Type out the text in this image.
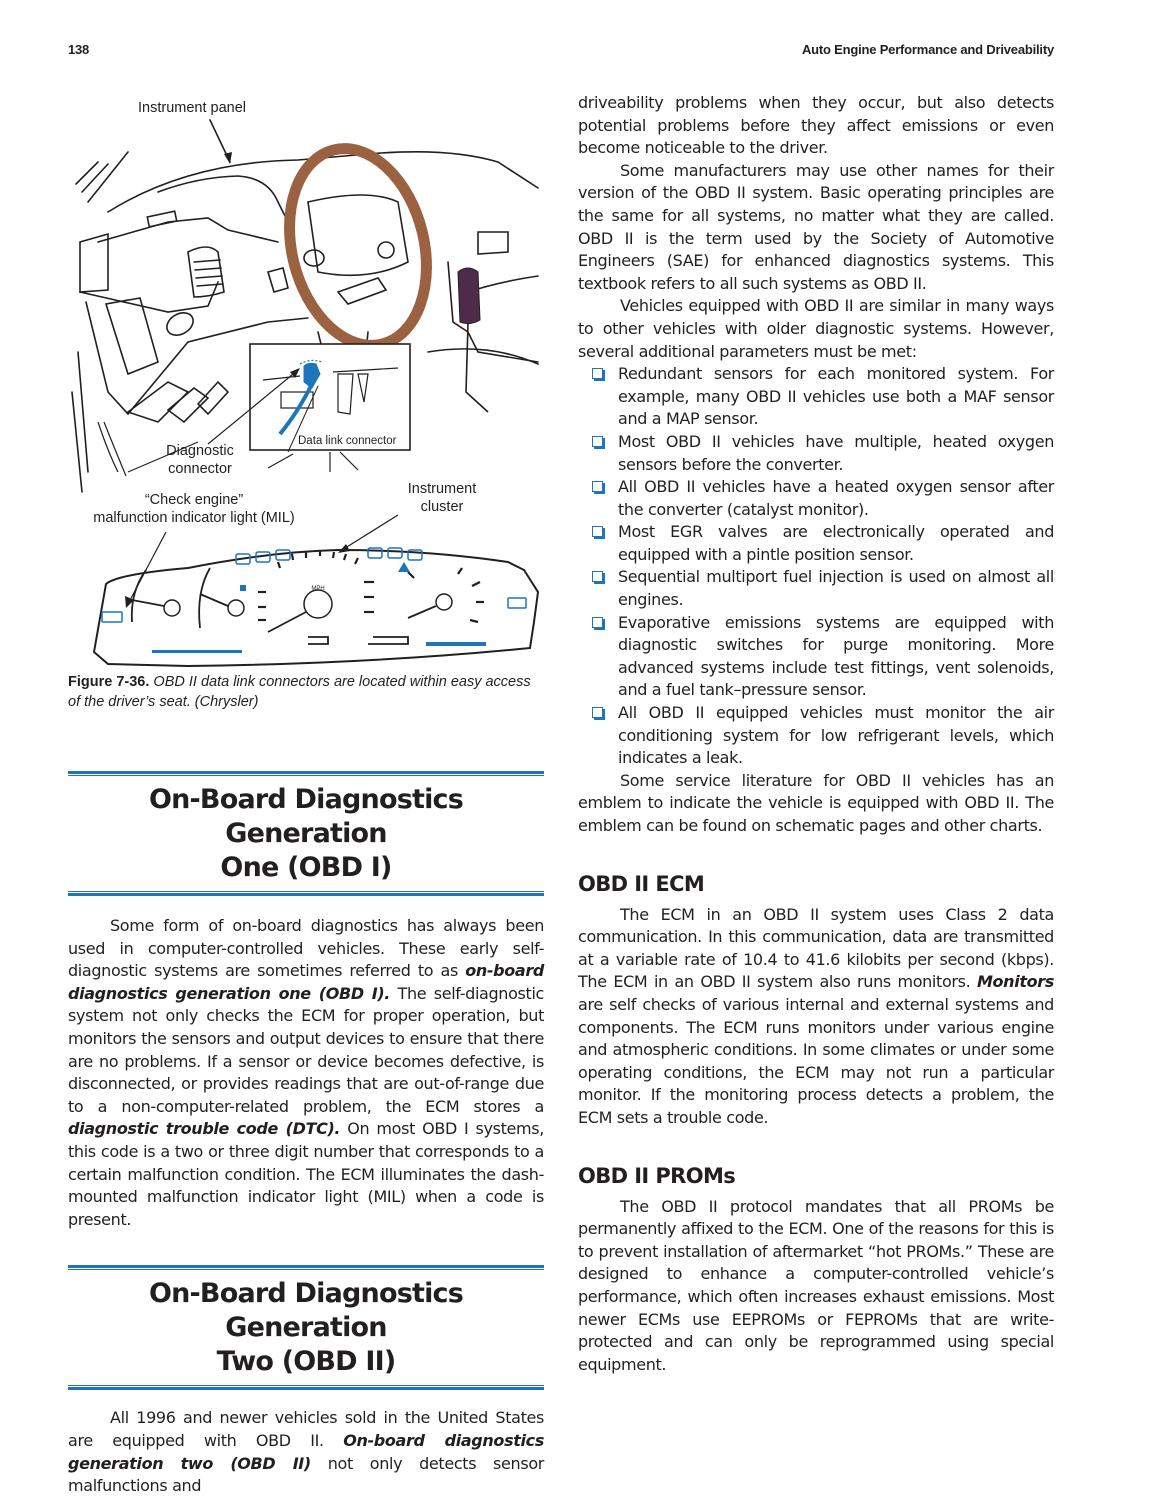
138	Auto Engine Performance and Driveability
MPH
Instrument panel
Data link connector
Diagnostic
connector
“Check engine”
malfunction indicator light (MIL)
Instrument
cluster
Figure 7-36. OBD II data link connectors are located within easy access of the driver’s seat. (Chrysler)
On-Board Diagnostics Generation
One (OBD I)

Some form of on-board diagnostics has always been used in computer-controlled vehicles. These early self-diagnostic systems are sometimes referred to as on-board diagnostics generation one (OBD I). The self-diagnostic system not only checks the ECM for proper operation, but monitors the sensors and output devices to ensure that there are no problems. If a sensor or device becomes defective, is disconnected, or provides readings that are out-of-range due to a non-computer-related problem, the ECM stores a diagnostic trouble code (DTC). On most OBD I systems, this code is a two or three digit number that corresponds to a certain malfunction condition. The ECM illuminates the dash-mounted malfunction indicator light (MIL) when a code is present.

On-Board Diagnostics Generation
Two (OBD II)

All 1996 and newer vehicles sold in the United States are equipped with OBD II. On-board diagnostics generation two (OBD II) not only detects sensor malfunctions and

driveability problems when they occur, but also detects potential problems before they affect emissions or even become noticeable to the driver.

Some manufacturers may use other names for their version of the OBD II system. Basic operating principles are the same for all systems, no matter what they are called. OBD II is the term used by the Society of Automotive Engineers (SAE) for enhanced diagnostics systems. This textbook refers to all such systems as OBD II.

Vehicles equipped with OBD II are similar in many ways to other vehicles with older diagnostic systems. However, several additional parameters must be met:

Redundant sensors for each monitored system. For example, many OBD II vehicles use both a MAF sensor and a MAP sensor.
Most OBD II vehicles have multiple, heated oxygen sensors before the converter.
All OBD II vehicles have a heated oxygen sensor after the converter (catalyst monitor).
Most EGR valves are electronically operated and equipped with a pintle position sensor.
Sequential multiport fuel injection is used on almost all engines.
Evaporative emissions systems are equipped with diagnostic switches for purge monitoring. More advanced systems include test fittings, vent solenoids, and a fuel tank–pressure sensor.
All OBD II equipped vehicles must monitor the air conditioning system for low refrigerant levels, which indicates a leak.

Some service literature for OBD II vehicles has an emblem to indicate the vehicle is equipped with OBD II. The emblem can be found on schematic pages and other charts.

OBD II ECM

The ECM in an OBD II system uses Class 2 data communication. In this communication, data are transmitted at a variable rate of 10.4 to 41.6 kilobits per second (kbps). The ECM in an OBD II system also runs monitors. Monitors are self checks of various internal and external systems and components. The ECM runs monitors under various engine and atmospheric conditions. In some climates or under some operating conditions, the ECM may not run a particular monitor. If the monitoring process detects a problem, the ECM sets a trouble code.

OBD II PROMs

The OBD II protocol mandates that all PROMs be permanently affixed to the ECM. One of the reasons for this is to prevent installation of aftermarket “hot PROMs.” These are designed to enhance a computer-controlled vehicle’s performance, which often increases exhaust emissions. Most newer ECMs use EEPROMs or FEPROMs that are write-protected and can only be reprogrammed using special equipment.
